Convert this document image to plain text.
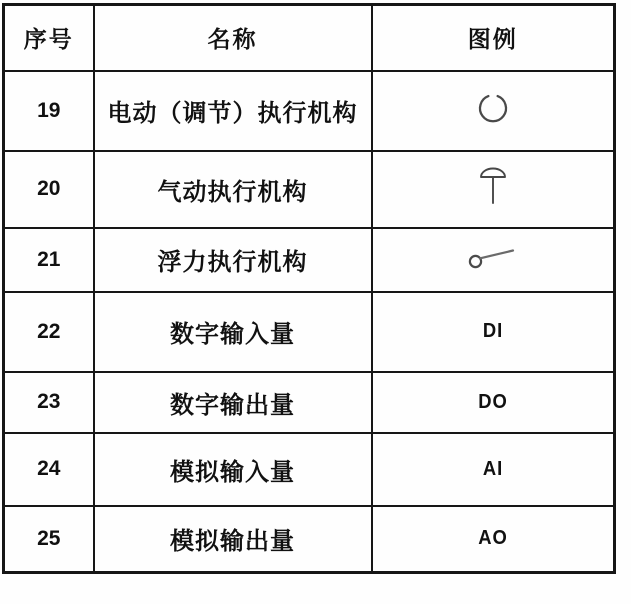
序号	名称	图例
19	电动（调节）执行机构	
20	气动执行机构	
21	浮力执行机构	
22	数字输入量	DI
23	数字输出量	DO
24	模拟输入量	AI
25	模拟输出量	AO
